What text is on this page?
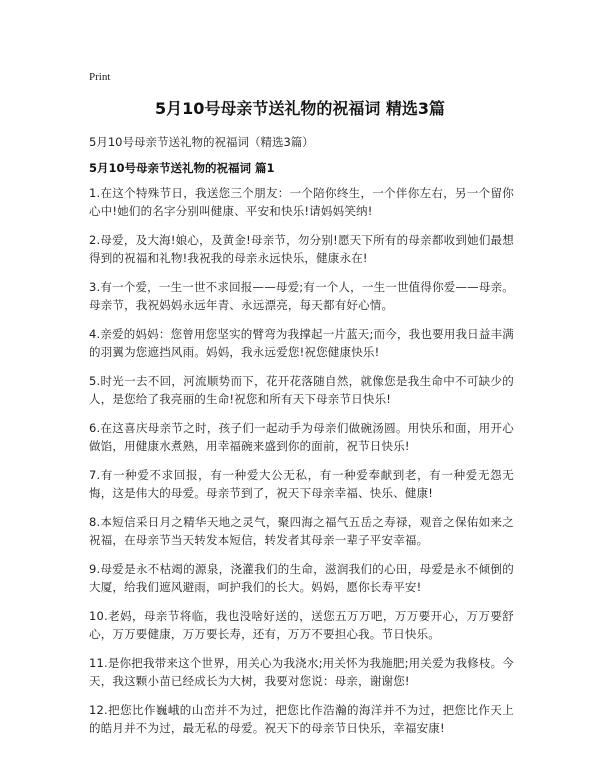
Print
5月10号母亲节送礼物的祝福词 精选3篇

5月10号母亲节送礼物的祝福词（精选3篇）

5月10号母亲节送礼物的祝福词 篇1

1.在这个特殊节日，我送您三个朋友：一个陪你终生，一个伴你左右，另一个留你心中!她们的名字分别叫健康、平安和快乐!请妈妈笑纳!

2.母爱，及大海!娘心，及黄金!母亲节，勿分别!愿天下所有的母亲都收到她们最想得到的祝福和礼物!我祝我的母亲永远快乐，健康永在!

3.有一个爱，一生一世不求回报——母爱;有一个人，一生一世值得你爱——母亲。母亲节，我祝妈妈永远年青、永远漂亮，每天都有好心情。

4.亲爱的妈妈：您曾用您坚实的臂弯为我撑起一片蓝天;而今，我也要用我日益丰满的羽翼为您遮挡风雨。妈妈，我永远爱您!祝您健康快乐!

5.时光一去不回，河流顺势而下，花开花落随自然，就像您是我生命中不可缺少的人，是您给了我亮丽的生命!祝您和所有天下母亲节日快乐!

6.在这喜庆母亲节之时，孩子们一起动手为母亲们做碗汤圆。用快乐和面，用开心做馅，用健康水煮熟，用幸福碗来盛到你的面前，祝节日快乐!

7.有一种爱不求回报，有一种爱大公无私，有一种爱奉献到老，有一种爱无怨无悔，这是伟大的母爱。母亲节到了，祝天下母亲幸福、快乐、健康!

8.本短信采日月之精华天地之灵气，聚四海之福气五岳之寿禄，观音之保佑如来之祝福，在母亲节当天转发本短信，转发者其母亲一辈子平安幸福。

9.母爱是永不枯竭的源泉，浇灌我们的生命，滋润我们的心田，母爱是永不倾倒的大厦，给我们遮风避雨，呵护我们的长大。妈妈，愿你长寿平安!

10.老妈，母亲节将临，我也没啥好送的，送您五万万吧，万万要开心，万万要舒心，万万要健康，万万要长寿，还有，万万不要担心我。节日快乐。

11.是你把我带来这个世界，用关心为我浇水;用关怀为我施肥;用关爱为我修枝。今天，我这颗小苗已经成长为大树，我要对您说：母亲，谢谢您!

12.把您比作巍峨的山峦并不为过，把您比作浩瀚的海洋并不为过，把您比作天上的皓月并不为过，最无私的母爱。祝天下的母亲节日快乐，幸福安康!
